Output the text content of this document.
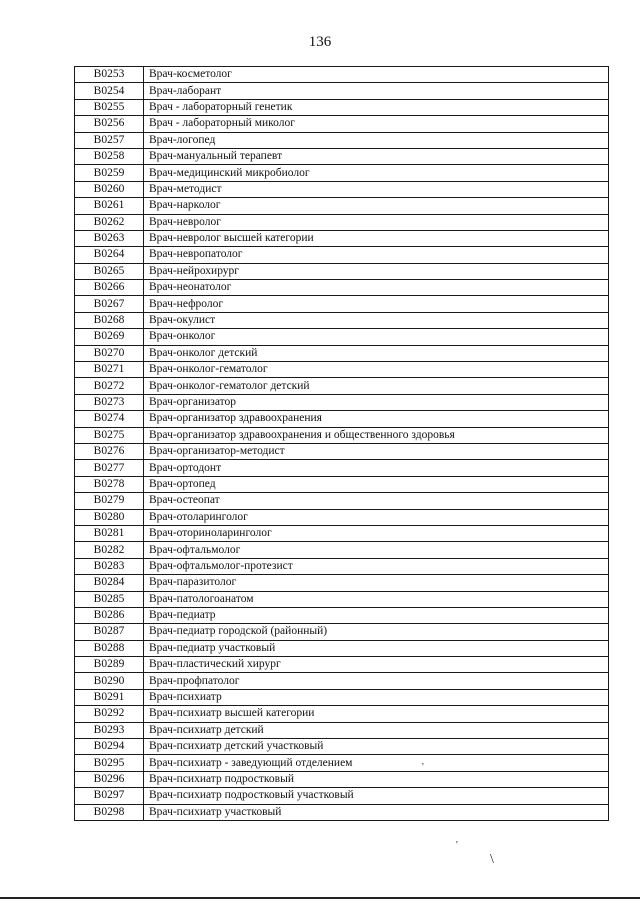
136
B0253	Врач-косметолог
B0254	Врач-лаборант
B0255	Врач - лабораторный генетик
B0256	Врач - лабораторный миколог
B0257	Врач-логопед
B0258	Врач-мануальный терапевт
B0259	Врач-медицинский микробиолог
B0260	Врач-методист
B0261	Врач-нарколог
B0262	Врач-невролог
B0263	Врач-невролог высшей категории
B0264	Врач-невропатолог
B0265	Врач-нейрохирург
B0266	Врач-неонатолог
B0267	Врач-нефролог
B0268	Врач-окулист
B0269	Врач-онколог
B0270	Врач-онколог детский
B0271	Врач-онколог-гематолог
B0272	Врач-онколог-гематолог детский
B0273	Врач-организатор
B0274	Врач-организатор здравоохранения
B0275	Врач-организатор здравоохранения и общественного здоровья
B0276	Врач-организатор-методист
B0277	Врач-ортодонт
B0278	Врач-ортопед
B0279	Врач-остеопат
B0280	Врач-отоларинголог
B0281	Врач-оториноларинголог
B0282	Врач-офтальмолог
B0283	Врач-офтальмолог-протезист
B0284	Врач-паразитолог
B0285	Врач-патологоанатом
B0286	Врач-педиатр
B0287	Врач-педиатр городской (районный)
B0288	Врач-педиатр участковый
B0289	Врач-пластический хирург
B0290	Врач-профпатолог
B0291	Врач-психиатр
B0292	Врач-психиатр высшей категории
B0293	Врач-психиатр детский
B0294	Врач-психиатр детский участковый
B0295	Врач-психиатр - заведующий отделением
B0296	Врач-психиатр подростковый
B0297	Врач-психиатр подростковый участковый
B0298	Врач-психиатр участковый
'
'
\
